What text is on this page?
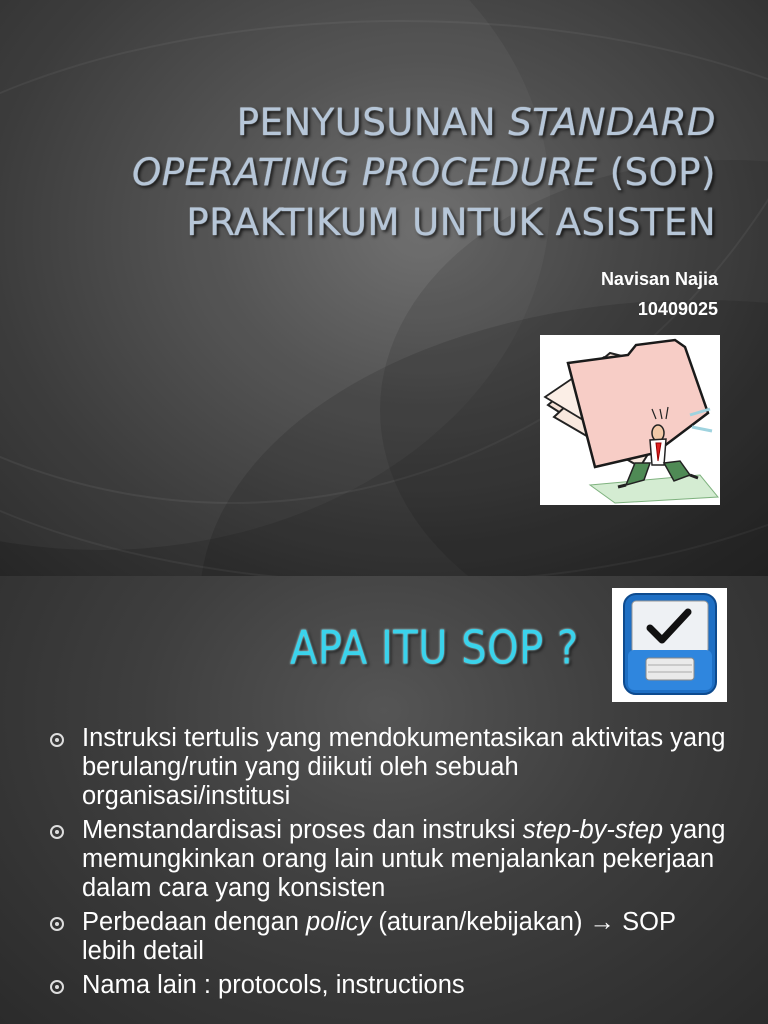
PENYUSUNAN STANDARD OPERATING PROCEDURE (SOP) PRAKTIKUM UNTUK ASISTEN
Navisan Najia
10409025
APA ITU SOP ?
Instruksi tertulis yang mendokumentasikan aktivitas yang berulang/rutin yang diikuti oleh sebuah organisasi/institusi
Menstandardisasi proses dan instruksi step-by-step yang memungkinkan orang lain untuk menjalankan pekerjaan dalam cara yang konsisten
Perbedaan dengan policy (aturan/kebijakan) → SOP lebih detail
Nama lain : protocols, instructions
